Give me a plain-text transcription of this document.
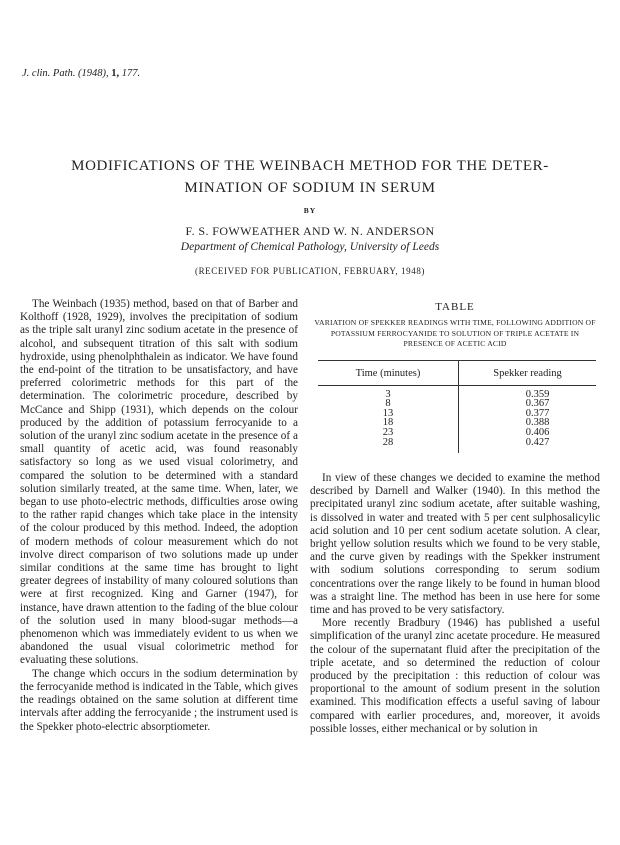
J. clin. Path. (1948), 1, 177.
MODIFICATIONS OF THE WEINBACH METHOD FOR THE DETER-
MINATION OF SODIUM IN SERUM
BY
F. S. FOWWEATHER AND W. N. ANDERSON
Department of Chemical Pathology, University of Leeds
(RECEIVED FOR PUBLICATION, FEBRUARY, 1948)

The Weinbach (1935) method, based on that of Barber and Kolthoff (1928, 1929), involves the precipitation of sodium as the triple salt uranyl zinc sodium acetate in the presence of alcohol, and subsequent titration of this salt with sodium hydroxide, using phenolphthalein as indicator. We have found the end-point of the titration to be unsatisfactory, and have preferred colorimetric methods for this part of the determination. The colorimetric procedure, described by McCance and Shipp (1931), which depends on the colour produced by the addition of potassium ferrocyanide to a solution of the uranyl zinc sodium acetate in the presence of a small quantity of acetic acid, was found reasonably satisfactory so long as we used visual colorimetry, and compared the solution to be determined with a standard solution similarly treated, at the same time. When, later, we began to use photo-electric methods, difficulties arose owing to the rather rapid changes which take place in the intensity of the colour produced by this method. Indeed, the adoption of modern methods of colour measurement which do not involve direct comparison of two solutions made up under similar conditions at the same time has brought to light greater degrees of instability of many coloured solutions than were at first recognized. King and Garner (1947), for instance, have drawn attention to the fading of the blue colour of the solution used in many blood-sugar methods—a phenomenon which was immediately evident to us when we abandoned the usual visual colorimetric method for evaluating these solutions.

The change which occurs in the sodium determination by the ferrocyanide method is indicated in the Table, which gives the readings obtained on the same solution at different time intervals after adding the ferrocyanide ; the instrument used is the Spekker photo-electric absorptiometer.

TABLE
VARIATION OF SPEKKER READINGS WITH TIME, FOLLOWING ADDITION OF POTASSIUM FERROCYANIDE TO SOLUTION OF TRIPLE ACETATE IN PRESENCE OF ACETIC ACID
Time (minutes)	Spekker reading
3	0.359
8	0.367
13	0.377
18	0.388
23	0.406
28	0.427

In view of these changes we decided to examine the method described by Darnell and Walker (1940). In this method the precipitated uranyl zinc sodium acetate, after suitable washing, is dissolved in water and treated with 5 per cent sulphosalicylic acid solution and 10 per cent sodium acetate solution. A clear, bright yellow solution results which we found to be very stable, and the curve given by readings with the Spekker instrument with sodium solutions corresponding to serum sodium concentrations over the range likely to be found in human blood was a straight line. The method has been in use here for some time and has proved to be very satisfactory.

More recently Bradbury (1946) has published a useful simplification of the uranyl zinc acetate procedure. He measured the colour of the supernatant fluid after the precipitation of the triple acetate, and so determined the reduction of colour produced by the precipitation : this reduction of colour was proportional to the amount of sodium present in the solution examined. This modification effects a useful saving of labour compared with earlier procedures, and, moreover, it avoids possible losses, either mechanical or by solution in
